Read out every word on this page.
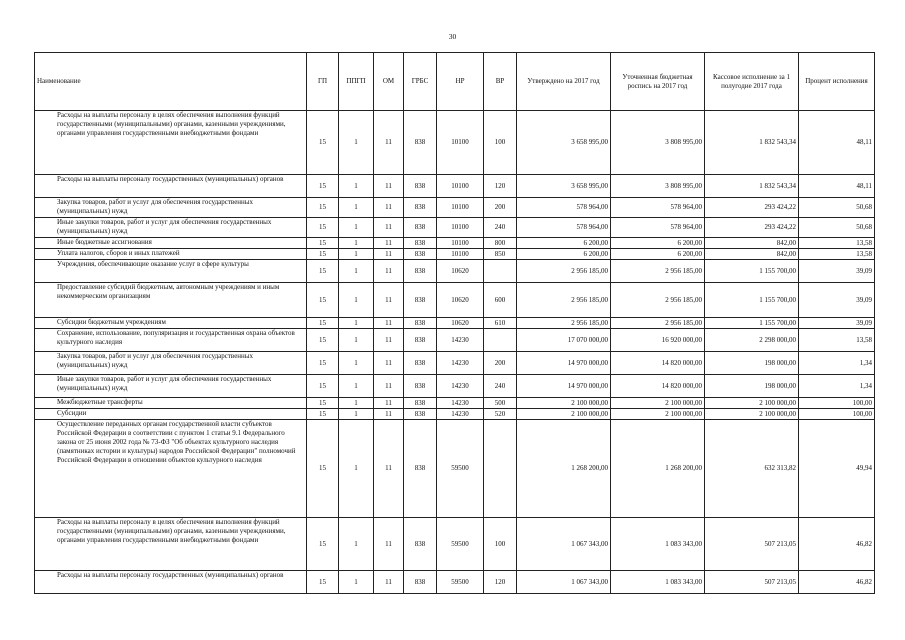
30
Наименование	ГП	ППГП	ОМ	ГРБС	НР	ВР	Утверждено на 2017 год	Уточненная бюджетная роспись на 2017 год	Кассовое исполнение за 1 полугодие 2017 года	Процент исполнения
Расходы на выплаты персоналу в целях обеспечения выполнения функций государственными (муниципальными) органами, казенными учреждениями, органами управления государственными внебюджетными фондами	15	1	11	838	10100	100	3 658 995,00	3 808 995,00	1 832 543,34	48,11
Расходы на выплаты персоналу государственных (муниципальных) органов	15	1	11	838	10100	120	3 658 995,00	3 808 995,00	1 832 543,34	48,11
Закупка товаров, работ и услуг для обеспечения государственных (муниципальных) нужд	15	1	11	838	10100	200	578 964,00	578 964,00	293 424,22	50,68
Иные закупки товаров, работ и услуг для обеспечения государственных (муниципальных) нужд	15	1	11	838	10100	240	578 964,00	578 964,00	293 424,22	50,68
Иные бюджетные ассигнования	15	1	11	838	10100	800	6 200,00	6 200,00	842,00	13,58
Уплата налогов, сборов и иных платежей	15	1	11	838	10100	850	6 200,00	6 200,00	842,00	13,58
Учреждения, обеспечивающие оказание услуг в сфере культуры	15	1	11	838	10620		2 956 185,00	2 956 185,00	1 155 700,00	39,09
Предоставление субсидий бюджетным, автономным учреждениям и иным некоммерческим организациям	15	1	11	838	10620	600	2 956 185,00	2 956 185,00	1 155 700,00	39,09
Субсидии бюджетным учреждениям	15	1	11	838	10620	610	2 956 185,00	2 956 185,00	1 155 700,00	39,09
Сохранение, использование, популяризация и государственная охрана объектов культурного наследия	15	1	11	838	14230		17 070 000,00	16 920 000,00	2 298 000,00	13,58
Закупка товаров, работ и услуг для обеспечения государственных (муниципальных) нужд	15	1	11	838	14230	200	14 970 000,00	14 820 000,00	198 000,00	1,34
Иные закупки товаров, работ и услуг для обеспечения государственных (муниципальных) нужд	15	1	11	838	14230	240	14 970 000,00	14 820 000,00	198 000,00	1,34
Межбюджетные трансферты	15	1	11	838	14230	500	2 100 000,00	2 100 000,00	2 100 000,00	100,00
Субсидии	15	1	11	838	14230	520	2 100 000,00	2 100 000,00	2 100 000,00	100,00
Осуществление переданных органам государственной власти субъектов Российской Федерации в соответствии с пунктом 1 статьи 9.1 Федерального закона от 25 июня 2002 года № 73-ФЗ "Об объектах культурного наследия (памятниках истории и культуры) народов Российской Федерации" полномочий Российской Федерации в отношении объектов культурного наследия	15	1	11	838	59500		1 268 200,00	1 268 200,00	632 313,82	49,94
Расходы на выплаты персоналу в целях обеспечения выполнения функций государственными (муниципальными) органами, казенными учреждениями, органами управления государственными внебюджетными фондами	15	1	11	838	59500	100	1 067 343,00	1 083 343,00	507 213,05	46,82
Расходы на выплаты персоналу государственных (муниципальных) органов	15	1	11	838	59500	120	1 067 343,00	1 083 343,00	507 213,05	46,82
